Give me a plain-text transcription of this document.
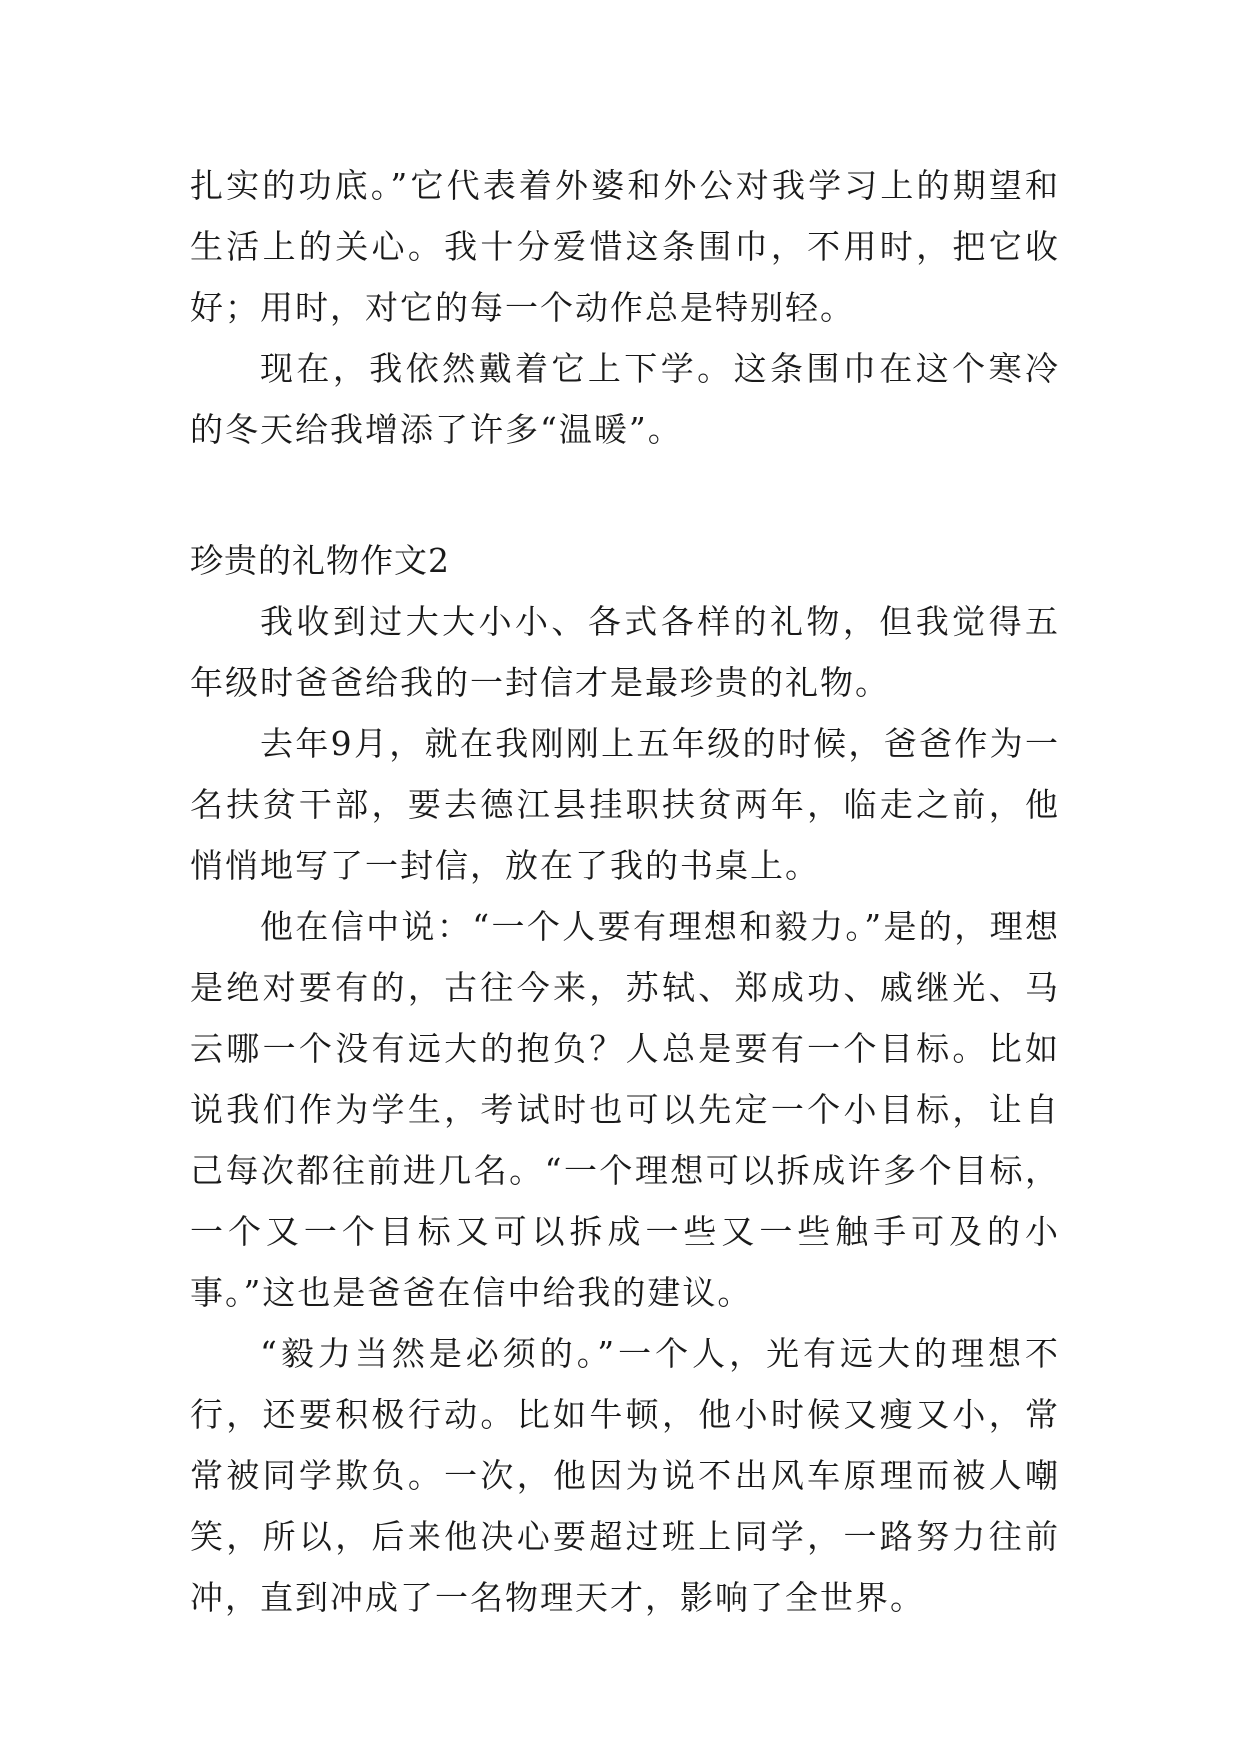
扎实的功底。”它代表着外婆和外公对我学习上的期望和生活上的关心。我十分爱惜这条围巾，不用时，把它收好；用时，对它的每一个动作总是特别轻。

现在，我依然戴着它上下学。这条围巾在这个寒冷的冬天给我增添了许多“温暖”。

珍贵的礼物作文2

我收到过大大小小、各式各样的礼物，但我觉得五年级时爸爸给我的一封信才是最珍贵的礼物。

去年9月，就在我刚刚上五年级的时候，爸爸作为一名扶贫干部，要去德江县挂职扶贫两年，临走之前，他悄悄地写了一封信，放在了我的书桌上。

他在信中说：“一个人要有理想和毅力。”是的，理想是绝对要有的，古往今来，苏轼、郑成功、戚继光、马云哪一个没有远大的抱负？人总是要有一个目标。比如说我们作为学生，考试时也可以先定一个小目标，让自己每次都往前进几名。“一个理想可以拆成许多个目标，一个又一个目标又可以拆成一些又一些触手可及的小事。”这也是爸爸在信中给我的建议。

“毅力当然是必须的。”一个人，光有远大的理想不行，还要积极行动。比如牛顿，他小时候又瘦又小，常常被同学欺负。一次，他因为说不出风车原理而被人嘲笑，所以，后来他决心要超过班上同学，一路努力往前冲，直到冲成了一名物理天才，影响了全世界。
